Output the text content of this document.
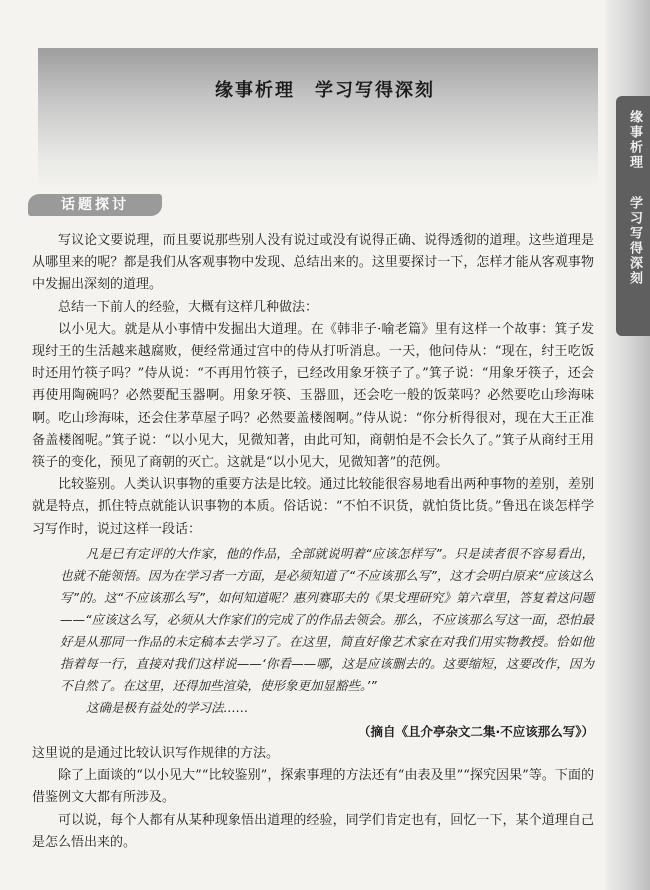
缘事析理
学习写得深刻
缘事析理　学习写得深刻
话题探讨

写议论文要说理，而且要说那些别人没有说过或没有说得正确、说得透彻的道理。这些道理是从哪里来的呢？都是我们从客观事物中发现、总结出来的。这里要探讨一下，怎样才能从客观事物中发掘出深刻的道理。

总结一下前人的经验，大概有这样几种做法：

以小见大。就是从小事情中发掘出大道理。在《韩非子·喻老篇》里有这样一个故事：箕子发现纣王的生活越来越腐败，便经常通过宫中的侍从打听消息。一天，他问侍从：“现在，纣王吃饭时还用竹筷子吗？”侍从说：“不再用竹筷子，已经改用象牙筷子了。”箕子说：“用象牙筷子，还会再使用陶碗吗？必然要配玉器啊。用象牙筷、玉器皿，还会吃一般的饭菜吗？必然要吃山珍海味啊。吃山珍海味，还会住茅草屋子吗？必然要盖楼阁啊。”侍从说：“你分析得很对，现在大王正准备盖楼阁呢。”箕子说：“以小见大，见微知著，由此可知，商朝怕是不会长久了。”箕子从商纣王用筷子的变化，预见了商朝的灭亡。这就是“以小见大，见微知著”的范例。

比较鉴别。人类认识事物的重要方法是比较。通过比较能很容易地看出两种事物的差别，差别就是特点，抓住特点就能认识事物的本质。俗话说：“不怕不识货，就怕货比货。”鲁迅在谈怎样学习写作时，说过这样一段话：

凡是已有定评的大作家，他的作品，全部就说明着“应该怎样写”。只是读者很不容易看出，也就不能领悟。因为在学习者一方面，是必须知道了“不应该那么写”，这才会明白原来“应该这么写”的。这“不应该那么写”，如何知道呢？惠列赛耶夫的《果戈理研究》第六章里，答复着这问题——“应该这么写，必须从大作家们的完成了的作品去领会。那么，不应该那么写这一面，恐怕最好是从那同一作品的未定稿本去学习了。在这里，简直好像艺术家在对我们用实物教授。恰如他指着每一行，直接对我们这样说——‘你看——哪，这是应该删去的。这要缩短，这要改作，因为不自然了。在这里，还得加些渲染，使形象更加显豁些。’”

这确是极有益处的学习法……

（摘自《且介亭杂文二集·不应该那么写》）

这里说的是通过比较认识写作规律的方法。

除了上面谈的“以小见大”“比较鉴别”，探索事理的方法还有“由表及里”“探究因果”等。下面的借鉴例文大都有所涉及。

可以说，每个人都有从某种现象悟出道理的经验，同学们肯定也有，回忆一下，某个道理自己是怎么悟出来的。
